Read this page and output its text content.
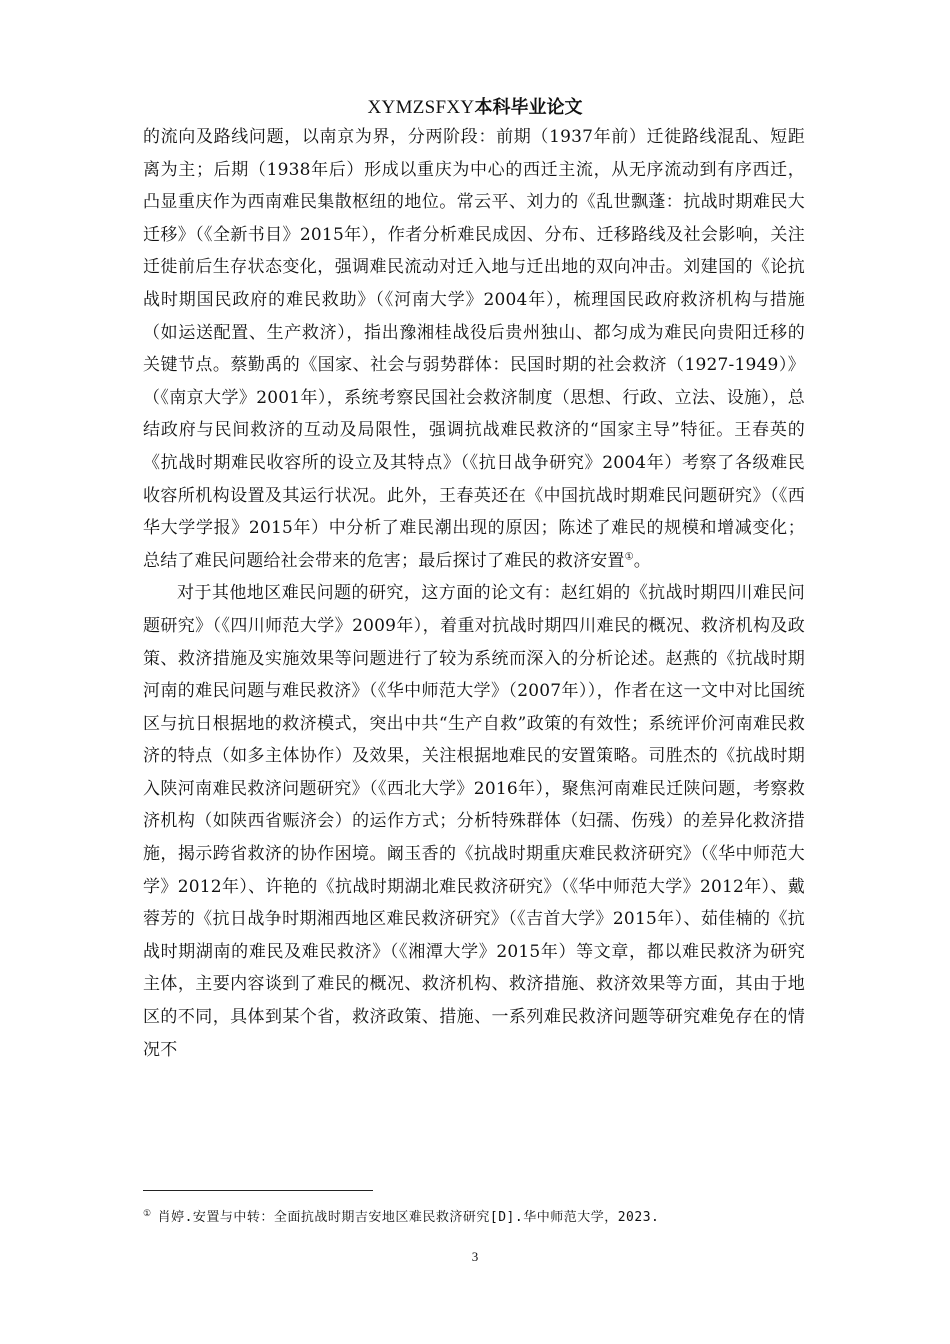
XYMZSFXY本科毕业论文

的流向及路线问题，以南京为界，分两阶段：前期（1937年前）迁徙路线混乱、短距离为主；后期（1938年后）形成以重庆为中心的西迁主流，从无序流动到有序西迁，凸显重庆作为西南难民集散枢纽的地位。常云平、刘力的《乱世飘蓬：抗战时期难民大迁移》（《全新书目》2015年），作者分析难民成因、分布、迁移路线及社会影响，关注迁徙前后生存状态变化，强调难民流动对迁入地与迁出地的双向冲击。刘建国的《论抗战时期国民政府的难民救助》（《河南大学》2004年），梳理国民政府救济机构与措施（如运送配置、生产救济），指出豫湘桂战役后贵州独山、都匀成为难民向贵阳迁移的关键节点。蔡勤禹的《国家、社会与弱势群体：民国时期的社会救济（1927-1949）》（《南京大学》2001年），系统考察民国社会救济制度（思想、行政、立法、设施），总结政府与民间救济的互动及局限性，强调抗战难民救济的“国家主导”特征。王春英的《抗战时期难民收容所的设立及其特点》（《抗日战争研究》2004年）考察了各级难民收容所机构设置及其运行状况。此外，王春英还在《中国抗战时期难民问题研究》（《西华大学学报》2015年）中分析了难民潮出现的原因；陈述了难民的规模和增减变化；总结了难民问题给社会带来的危害；最后探讨了难民的救济安置①。

对于其他地区难民问题的研究，这方面的论文有：赵红娟的《抗战时期四川难民问题研究》（《四川师范大学》2009年），着重对抗战时期四川难民的概况、救济机构及政策、救济措施及实施效果等问题进行了较为系统而深入的分析论述。赵燕的《抗战时期河南的难民问题与难民救济》（《华中师范大学》（2007年）），作者在这一文中对比国统区与抗日根据地的救济模式，突出中共“生产自救”政策的有效性；系统评价河南难民救济的特点（如多主体协作）及效果，关注根据地难民的安置策略。司胜杰的《抗战时期入陕河南难民救济问题研究》（《西北大学》2016年），聚焦河南难民迁陕问题，考察救济机构（如陕西省赈济会）的运作方式；分析特殊群体（妇孺、伤残）的差异化救济措施，揭示跨省救济的协作困境。阚玉香的《抗战时期重庆难民救济研究》（《华中师范大学》2012年）、许艳的《抗战时期湖北难民救济研究》（《华中师范大学》2012年）、戴蓉芳的《抗日战争时期湘西地区难民救济研究》（《吉首大学》2015年）、茹佳楠的《抗战时期湖南的难民及难民救济》（《湘潭大学》2015年）等文章，都以难民救济为研究主体，主要内容谈到了难民的概况、救济机构、救济措施、救济效果等方面，其由于地区的不同，具体到某个省，救济政策、措施、一系列难民救济问题等研究难免存在的情况不

① 肖婷.安置与中转：全面抗战时期吉安地区难民救济研究[D].华中师范大学，2023.
3
